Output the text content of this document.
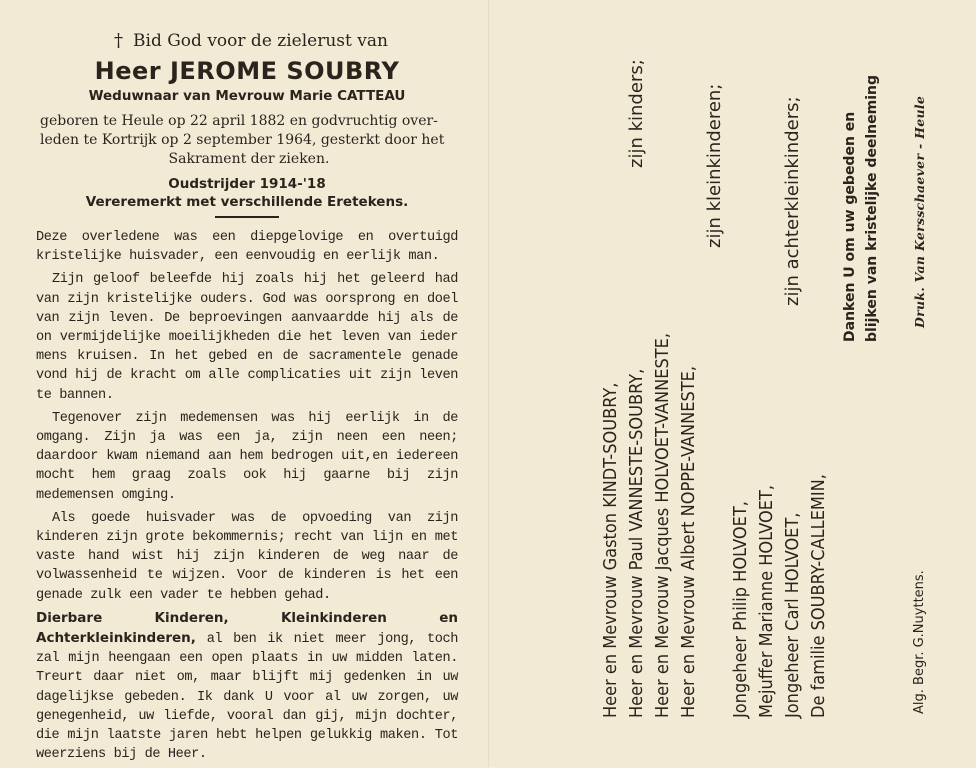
† Bid God voor de zielerust van
Heer JEROME SOUBRY
Weduwnaar van Mevrouw Marie CATTEAU
geboren te Heule op 22 april 1882 en godvruchtig over-
leden te Kortrijk op 2 september 1964, gesterkt door het
Sakrament der zieken.
Oudstrijder 1914-'18
Vereremerkt met verschillende Eretekens.

Deze overledene was een diepgelovige en overtuigd kristelijke huisvader, een eenvoudig en eerlijk man.

Zijn geloof beleefde hij zoals hij het geleerd had van zijn kristelijke ouders. God was oorsprong en doel van zijn leven. De beproevingen aanvaardde hij als de on vermijdelijke moeilijkheden die het leven van ieder mens kruisen. In het gebed en de sacramentele genade vond hij de kracht om alle complicaties uit zijn leven te bannen.

Tegenover zijn medemensen was hij eerlijk in de omgang. Zijn ja was een ja, zijn neen een neen; daardoor kwam niemand aan hem bedrogen uit,en iedereen mocht hem graag zoals ook hij gaarne bij zijn medemensen omging.

Als goede huisvader was de opvoeding van zijn kinderen zijn grote bekommernis; recht van lijn en met vaste hand wist hij zijn kinderen de weg naar de volwassenheid te wijzen. Voor de kinderen is het een genade zulk een vader te hebben gehad.

Dierbare Kinderen, Kleinkinderen en Achterkleinkinderen, al ben ik niet meer jong, toch zal mijn heengaan een open plaats in uw midden laten. Treurt daar niet om, maar blijft mij gedenken in uw dagelijkse gebeden. Ik dank U voor al uw zorgen, uw genegenheid, uw liefde, vooral dan gij, mijn dochter, die mijn laatste jaren hebt helpen gelukkig maken. Tot weerziens bij de Heer.

Heer en Mevrouw Gaston KINDT-SOUBRY, Heer en Mevrouw Paul VANNESTE-SOUBRY, Heer en Mevrouw Jacques HOLVOET-VANNESTE, Heer en Mevrouw Albert NOPPE-VANNESTE,
zijn kinders;	zijn kleinkinderen;
Jongeheer Philip HOLVOET, Mejuffer Marianne HOLVOET, Jongeheer Carl HOLVOET, De familie SOUBRY-CALLEMIN,
zijn achterkleinkinders;	Danken U om uw gebeden en blijken van kristelijke deelneming	Druk. Van Kersschaever - Heule
Alg. Begr. G.Nuyttens.
